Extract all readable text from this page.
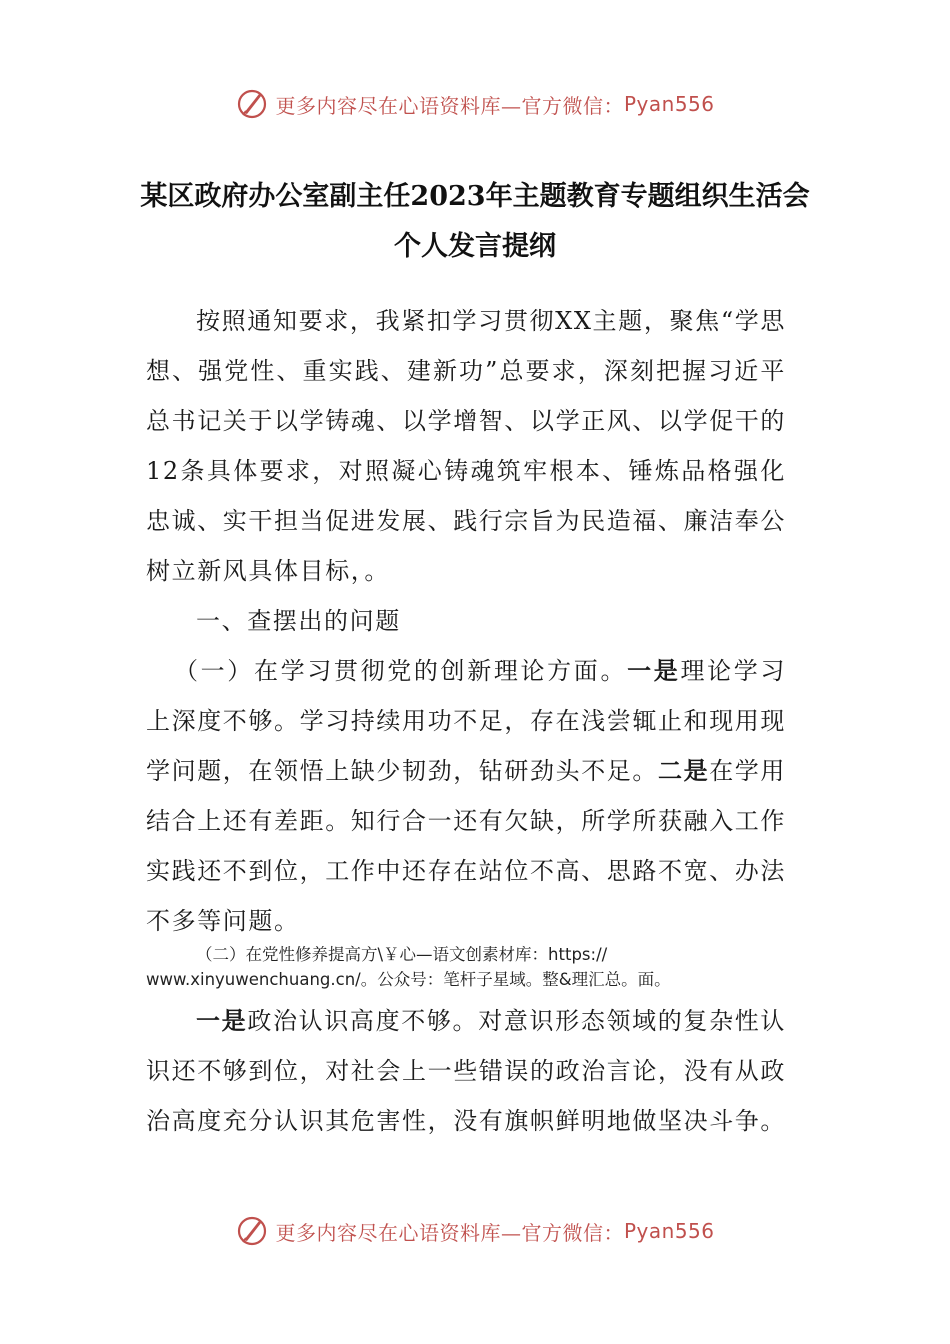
更多内容尽在心语资料库—官方微信： Pyan556
某区政府办公室副主任2023年主题教育专题组织生活会个人发言提纲
按照通知要求，我紧扣学习贯彻XX主题，聚焦“学思想、强党性、重实践、建新功”总要求，深刻把握习近平总书记关于以学铸魂、以学增智、以学正风、以学促干的12条具体要求，对照凝心铸魂筑牢根本、锤炼品格强化忠诚、实干担当促进发展、践行宗旨为民造福、廉洁奉公树立新风具体目标，。
一、查摆出的问题
（一）在学习贯彻党的创新理论方面。一是理论学习上深度不够。学习持续用功不足，存在浅尝辄止和现用现学问题，在领悟上缺少韧劲，钻研劲头不足。二是在学用结合上还有差距。知行合一还有欠缺，所学所获融入工作实践还不到位，工作中还存在站位不高、思路不宽、办法不多等问题。
（二）在党性修养提高方\￥心—语文创素材库：https://
www.xinyuwenchuang.cn/。公众号：笔杆子星域。整&理汇总。面。
一是政治认识高度不够。对意识形态领域的复杂性认识还不够到位，对社会上一些错误的政治言论，没有从政治高度充分认识其危害性，没有旗帜鲜明地做坚决斗争。
更多内容尽在心语资料库—官方微信： Pyan556
